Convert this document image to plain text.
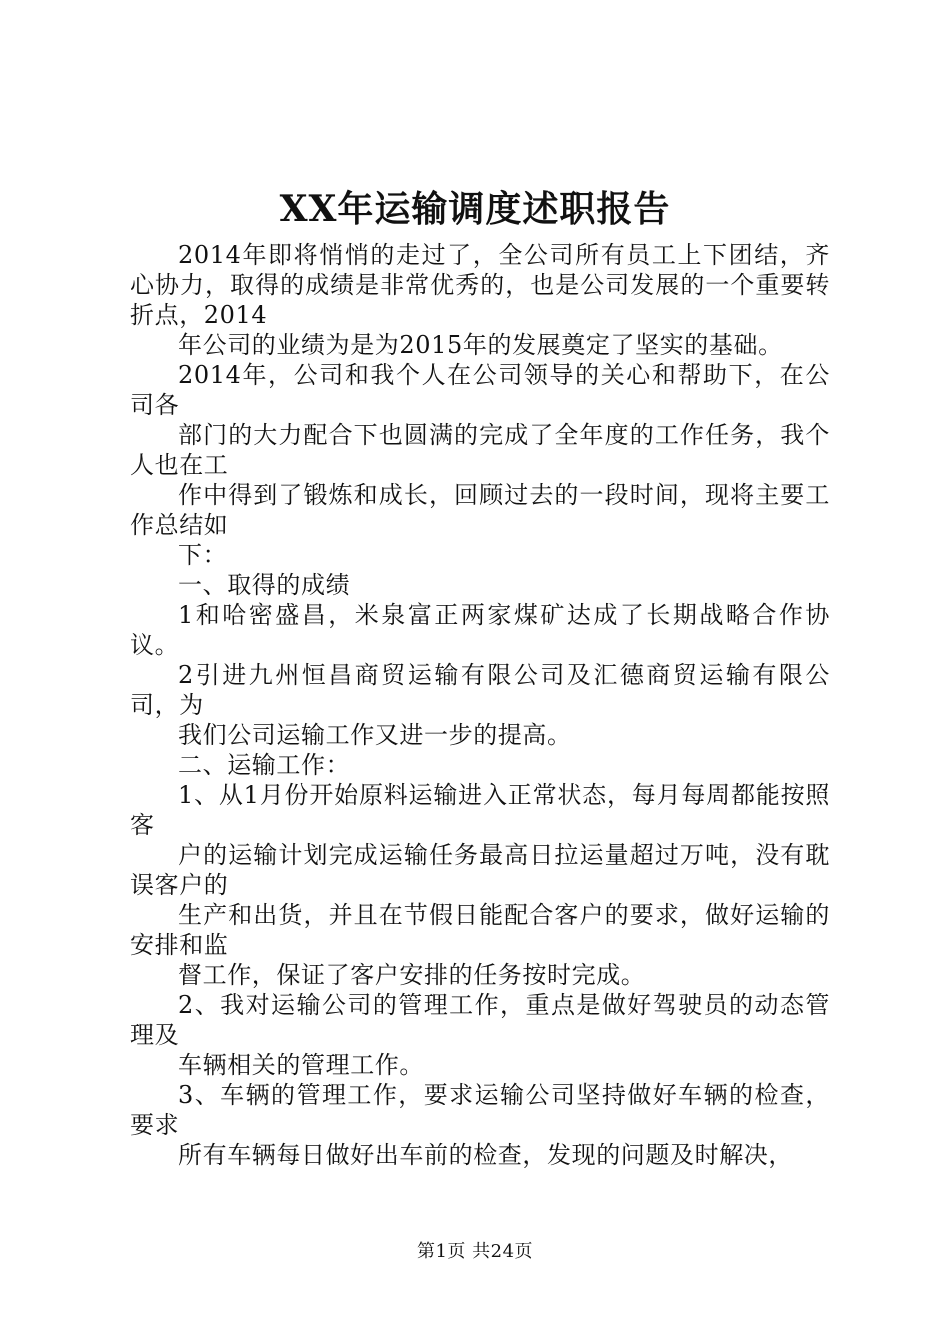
XX年运输调度述职报告

2014年即将悄悄的走过了，全公司所有员工上下团结，齐心协力，取得的成绩是非常优秀的，也是公司发展的一个重要转折点，2014

年公司的业绩为是为2015年的发展奠定了坚实的基础。

2014年，公司和我个人在公司领导的关心和帮助下，在公司各

部门的大力配合下也圆满的完成了全年度的工作任务，我个人也在工

作中得到了锻炼和成长，回顾过去的一段时间，现将主要工作总结如

下：

一、取得的成绩

1和哈密盛昌，米泉富正两家煤矿达成了长期战略合作协议。

2引进九州恒昌商贸运输有限公司及汇德商贸运输有限公司，为

我们公司运输工作又进一步的提高。

二、运输工作：

1、从1月份开始原料运输进入正常状态，每月每周都能按照客

户的运输计划完成运输任务最高日拉运量超过万吨，没有耽误客户的

生产和出货，并且在节假日能配合客户的要求，做好运输的安排和监

督工作，保证了客户安排的任务按时完成。

2、我对运输公司的管理工作，重点是做好驾驶员的动态管理及

车辆相关的管理工作。

3、车辆的管理工作，要求运输公司坚持做好车辆的检查，要求

所有车辆每日做好出车前的检查，发现的问题及时解决，

第1页 共24页
